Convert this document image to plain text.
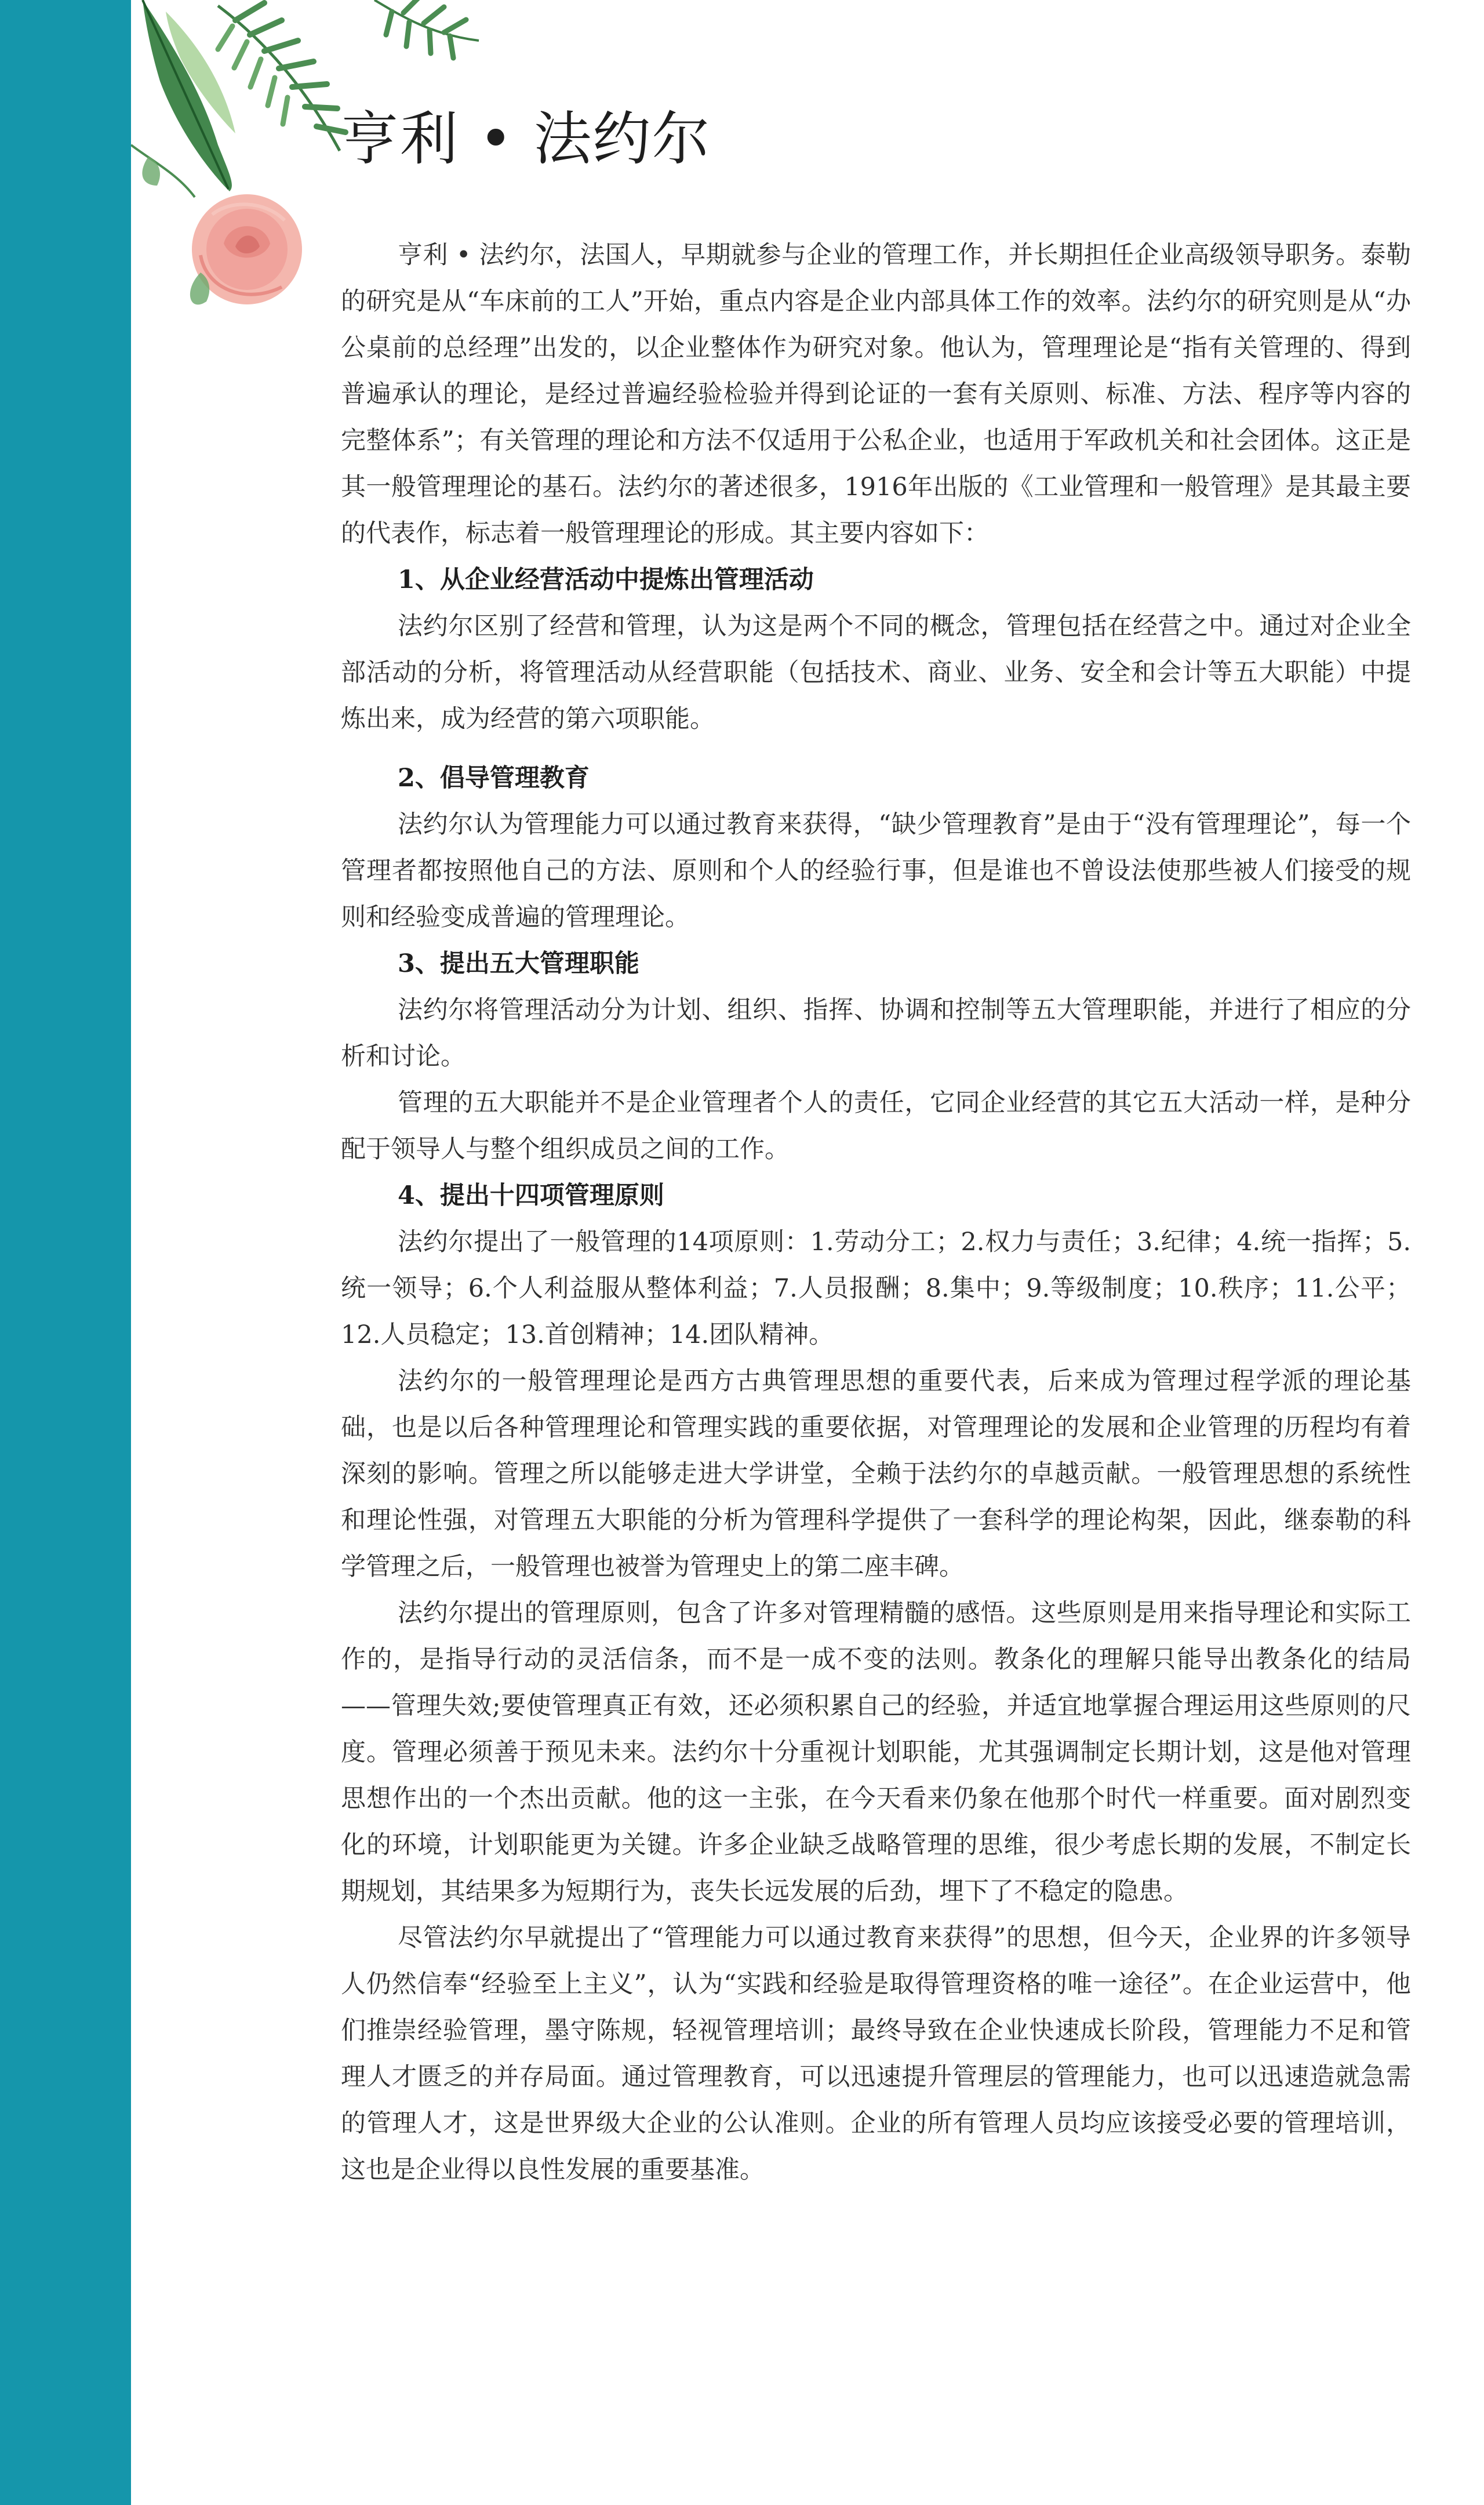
亨利 • 法约尔

亨利 • 法约尔，法国人，早期就参与企业的管理工作，并长期担任企业高级领导职务。泰勒的研究是从“车床前的工人”开始，重点内容是企业内部具体工作的效率。法约尔的研究则是从“办公桌前的总经理”出发的，以企业整体作为研究对象。他认为，管理理论是“指有关管理的、得到普遍承认的理论，是经过普遍经验检验并得到论证的一套有关原则、标准、方法、程序等内容的完整体系”；有关管理的理论和方法不仅适用于公私企业，也适用于军政机关和社会团体。这正是其一般管理理论的基石。法约尔的著述很多，1916年出版的《工业管理和一般管理》是其最主要的代表作，标志着一般管理理论的形成。其主要内容如下：

1、从企业经营活动中提炼出管理活动

法约尔区别了经营和管理，认为这是两个不同的概念，管理包括在经营之中。通过对企业全部活动的分析，将管理活动从经营职能（包括技术、商业、业务、安全和会计等五大职能）中提炼出来，成为经营的第六项职能。

2、倡导管理教育

法约尔认为管理能力可以通过教育来获得，“缺少管理教育”是由于“没有管理理论”，每一个管理者都按照他自己的方法、原则和个人的经验行事，但是谁也不曾设法使那些被人们接受的规则和经验变成普遍的管理理论。

3、提出五大管理职能

法约尔将管理活动分为计划、组织、指挥、协调和控制等五大管理职能，并进行了相应的分析和讨论。

管理的五大职能并不是企业管理者个人的责任，它同企业经营的其它五大活动一样，是种分配于领导人与整个组织成员之间的工作。

4、提出十四项管理原则

法约尔提出了一般管理的14项原则：1.劳动分工；2.权力与责任；3.纪律；4.统一指挥；5.统一领导；6.个人利益服从整体利益；7.人员报酬；8.集中；9.等级制度；10.秩序；11.公平；12.人员稳定；13.首创精神；14.团队精神。

法约尔的一般管理理论是西方古典管理思想的重要代表，后来成为管理过程学派的理论基础，也是以后各种管理理论和管理实践的重要依据，对管理理论的发展和企业管理的历程均有着深刻的影响。管理之所以能够走进大学讲堂，全赖于法约尔的卓越贡献。一般管理思想的系统性和理论性强，对管理五大职能的分析为管理科学提供了一套科学的理论构架，因此，继泰勒的科学管理之后，一般管理也被誉为管理史上的第二座丰碑。

法约尔提出的管理原则，包含了许多对管理精髓的感悟。这些原则是用来指导理论和实际工作的，是指导行动的灵活信条，而不是一成不变的法则。教条化的理解只能导出教条化的结局——管理失效;要使管理真正有效，还必须积累自己的经验，并适宜地掌握合理运用这些原则的尺度。管理必须善于预见未来。法约尔十分重视计划职能，尤其强调制定长期计划，这是他对管理思想作出的一个杰出贡献。他的这一主张，在今天看来仍象在他那个时代一样重要。面对剧烈变化的环境，计划职能更为关键。许多企业缺乏战略管理的思维，很少考虑长期的发展，不制定长期规划，其结果多为短期行为，丧失长远发展的后劲，埋下了不稳定的隐患。

尽管法约尔早就提出了“管理能力可以通过教育来获得”的思想，但今天，企业界的许多领导人仍然信奉“经验至上主义”，认为“实践和经验是取得管理资格的唯一途径”。在企业运营中，他们推崇经验管理，墨守陈规，轻视管理培训；最终导致在企业快速成长阶段，管理能力不足和管理人才匮乏的并存局面。通过管理教育，可以迅速提升管理层的管理能力，也可以迅速造就急需的管理人才，这是世界级大企业的公认准则。企业的所有管理人员均应该接受必要的管理培训，这也是企业得以良性发展的重要基准。
